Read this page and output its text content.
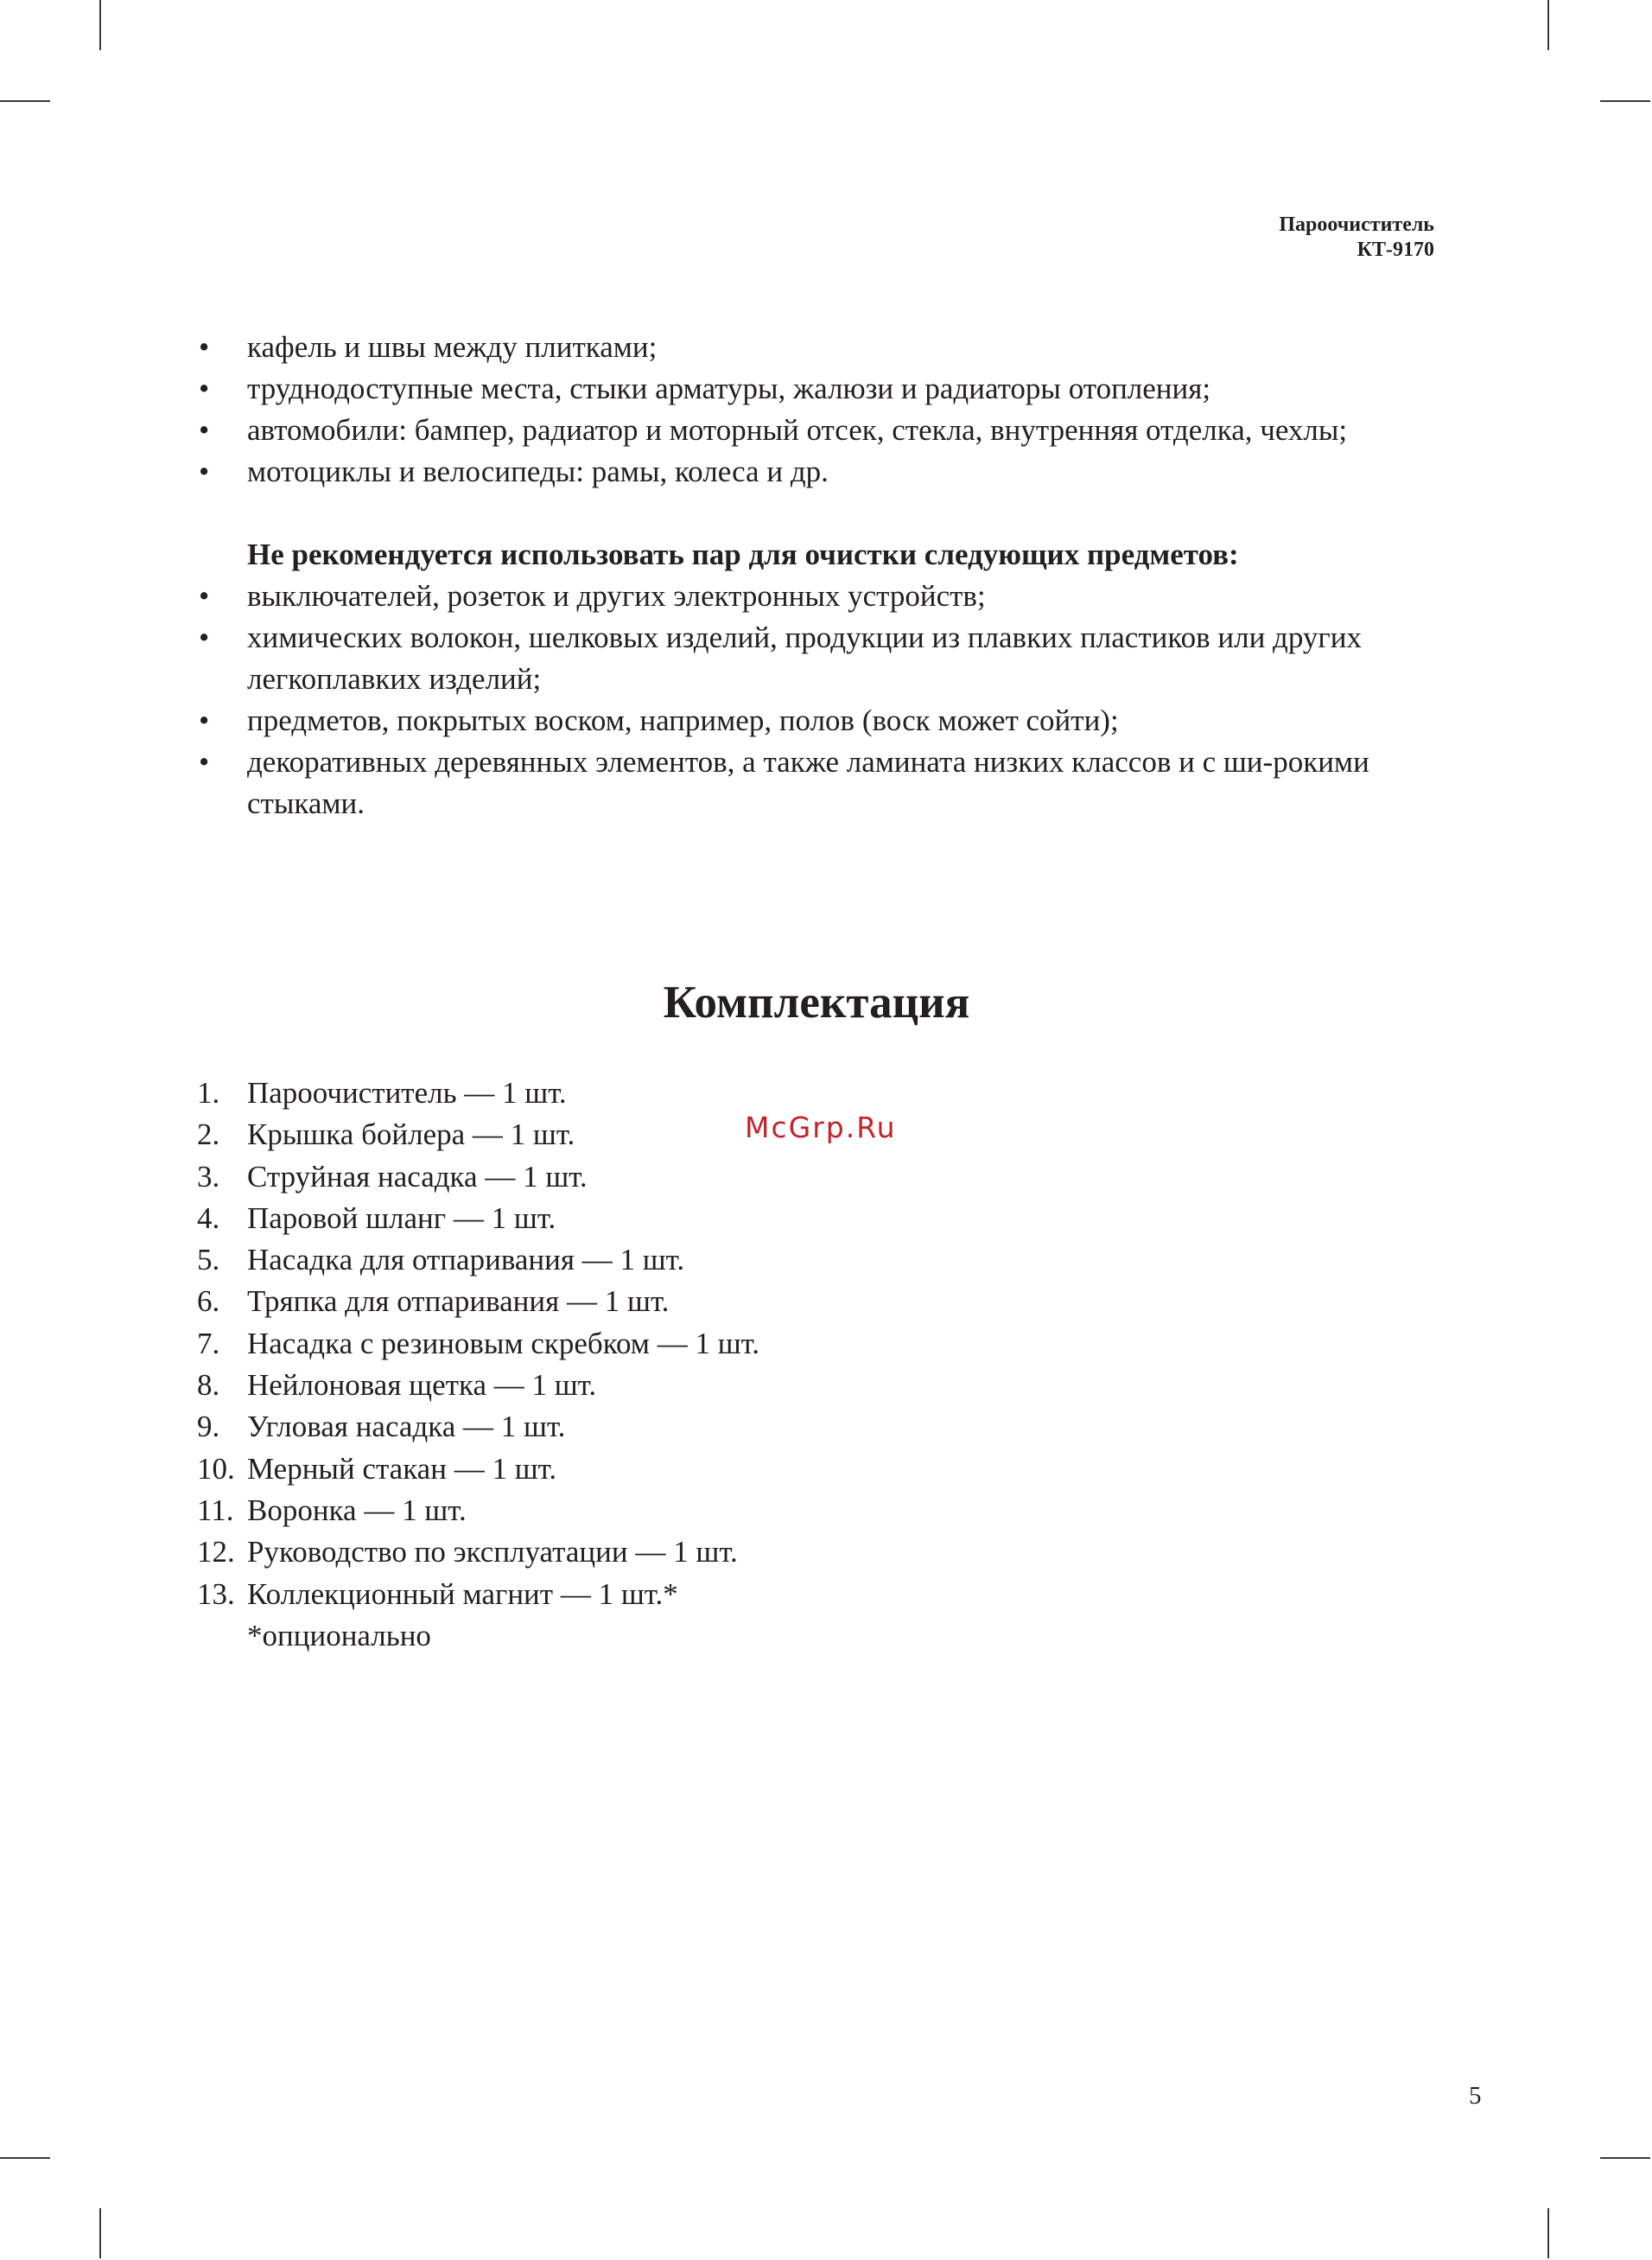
Пароочиститель
КТ-9170
• кафель и швы между плитками;
• труднодоступные места, стыки арматуры, жалюзи и радиаторы отопления;
• автомобили: бампер, радиатор и моторный отсек, стекла, внутренняя отделка, чехлы;
• мотоциклы и велосипеды: рамы, колеса и др.
Не рекомендуется использовать пар для очистки следующих предметов:
• выключателей, розеток и других электронных устройств;
• химических волокон, шелковых изделий, продукции из плавких пластиков или других легкоплавких изделий;
• предметов, покрытых воском, например, полов (воск может сойти);
• декоративных деревянных элементов, а также ламината низких классов и с ши-рокими стыками.
Комплектация
1. Пароочиститель — 1 шт.
2. Крышка бойлера — 1 шт.
3. Струйная насадка — 1 шт.
4. Паровой шланг — 1 шт.
5. Насадка для отпаривания — 1 шт.
6. Тряпка для отпаривания — 1 шт.
7. Насадка с резиновым скребком — 1 шт.
8. Нейлоновая щетка — 1 шт.
9. Угловая насадка — 1 шт.
10. Мерный стакан — 1 шт.
11. Воронка — 1 шт.
12. Руководство по эксплуатации — 1 шт.
13. Коллекционный магнит — 1 шт.*
*опционально
McGrp.Ru
5
